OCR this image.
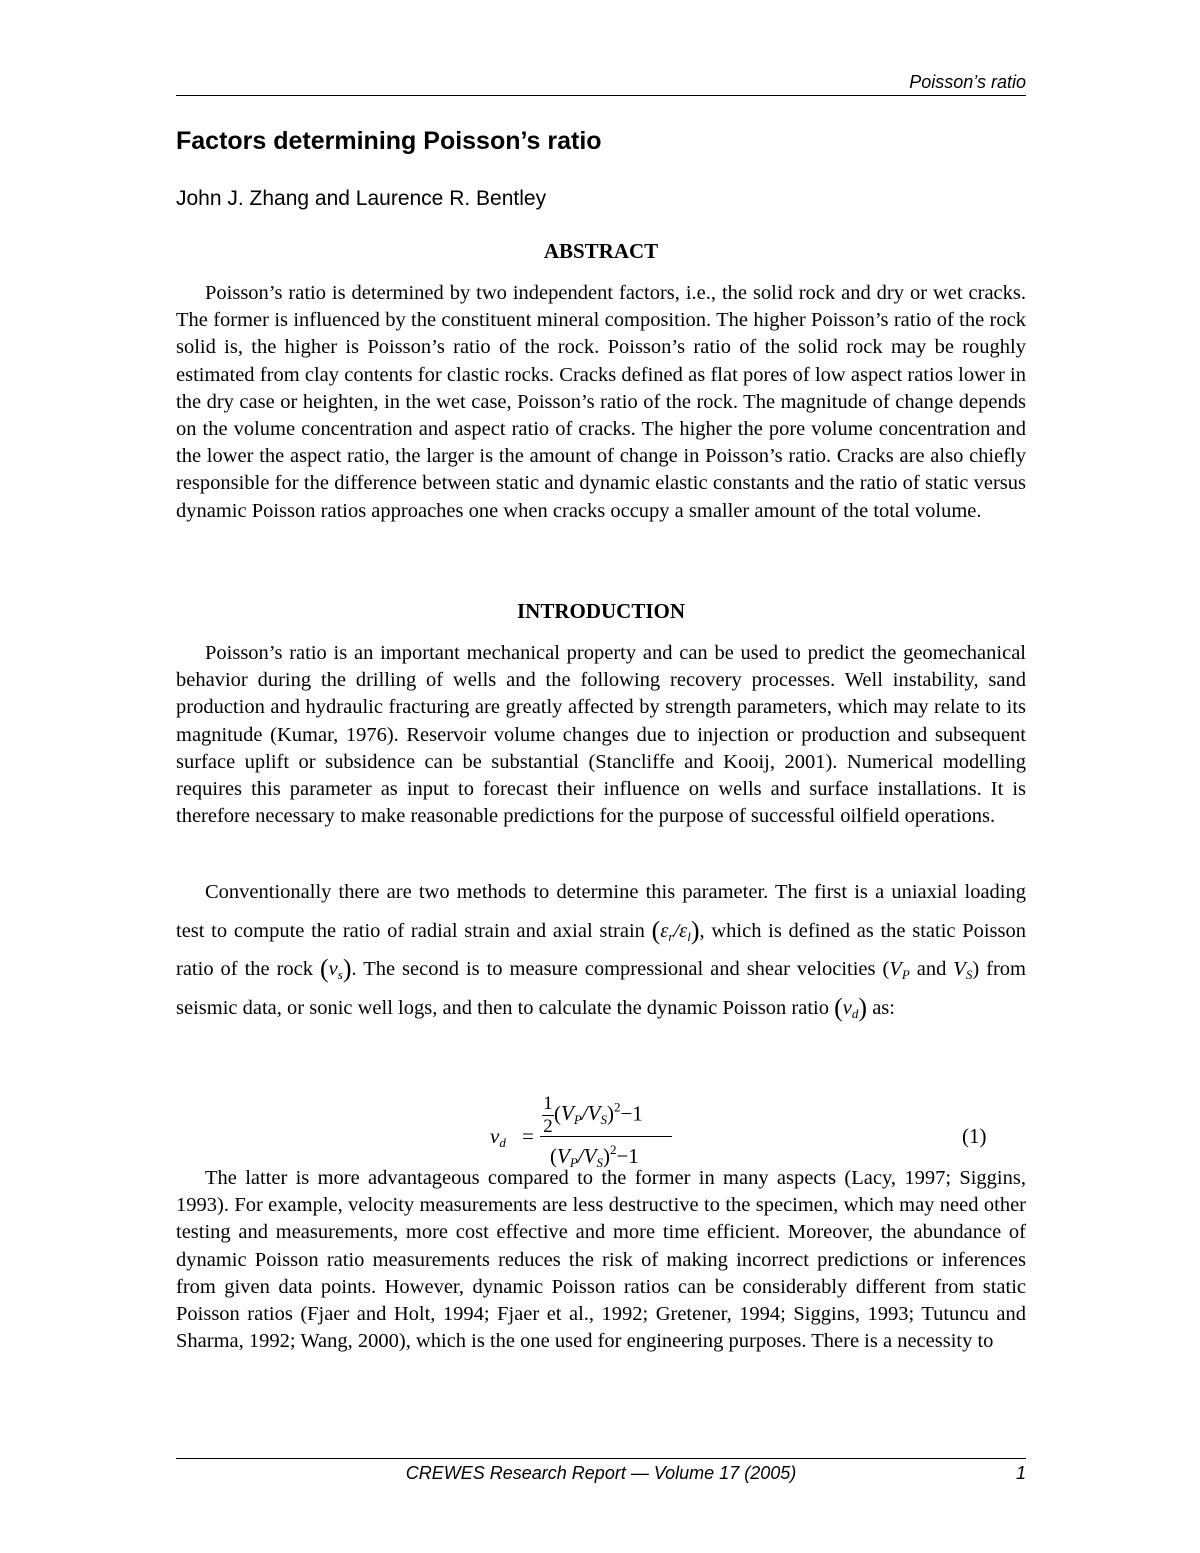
Poisson’s ratio
Factors determining Poisson’s ratio
John J. Zhang and Laurence R. Bentley
ABSTRACT

Poisson’s ratio is determined by two independent factors, i.e., the solid rock and dry or wet cracks. The former is influenced by the constituent mineral composition. The higher Poisson’s ratio of the rock solid is, the higher is Poisson’s ratio of the rock. Poisson’s ratio of the solid rock may be roughly estimated from clay contents for clastic rocks. Cracks defined as flat pores of low aspect ratios lower in the dry case or heighten, in the wet case, Poisson’s ratio of the rock. The magnitude of change depends on the volume concentration and aspect ratio of cracks. The higher the pore volume concentration and the lower the aspect ratio, the larger is the amount of change in Poisson’s ratio. Cracks are also chiefly responsible for the difference between static and dynamic elastic constants and the ratio of static versus dynamic Poisson ratios approaches one when cracks occupy a smaller amount of the total volume.

INTRODUCTION

Poisson’s ratio is an important mechanical property and can be used to predict the geomechanical behavior during the drilling of wells and the following recovery processes. Well instability, sand production and hydraulic fracturing are greatly affected by strength parameters, which may relate to its magnitude (Kumar, 1976). Reservoir volume changes due to injection or production and subsequent surface uplift or subsidence can be substantial (Stancliffe and Kooij, 2001). Numerical modelling requires this parameter as input to forecast their influence on wells and surface installations. It is therefore necessary to make reasonable predictions for the purpose of successful oilfield operations.

Conventionally there are two methods to determine this parameter. The first is a uniaxial loading test to compute the ratio of radial strain and axial strain $(\varepsilon_r/\varepsilon_l)$, which is defined as the static Poisson ratio of the rock $(\nu_s)$. The second is to measure compressional and shear velocities ($V_P$ and $V_S$) from seismic data, or sonic well logs, and then to calculate the dynamic Poisson ratio $(\nu_d)$ as:

$\nu_d = \frac{1}{2} (V_P/V_S)^2-1$
$(V_P/V_S)^2-1$
(1)

The latter is more advantageous compared to the former in many aspects (Lacy, 1997; Siggins, 1993). For example, velocity measurements are less destructive to the specimen, which may need other testing and measurements, more cost effective and more time efficient. Moreover, the abundance of dynamic Poisson ratio measurements reduces the risk of making incorrect predictions or inferences from given data points. However, dynamic Poisson ratios can be considerably different from static Poisson ratios (Fjaer and Holt, 1994; Fjaer et al., 1992; Gretener, 1994; Siggins, 1993; Tutuncu and Sharma, 1992; Wang, 2000), which is the one used for engineering purposes. There is a necessity to

CREWES Research Report — Volume 17 (2005)	1
